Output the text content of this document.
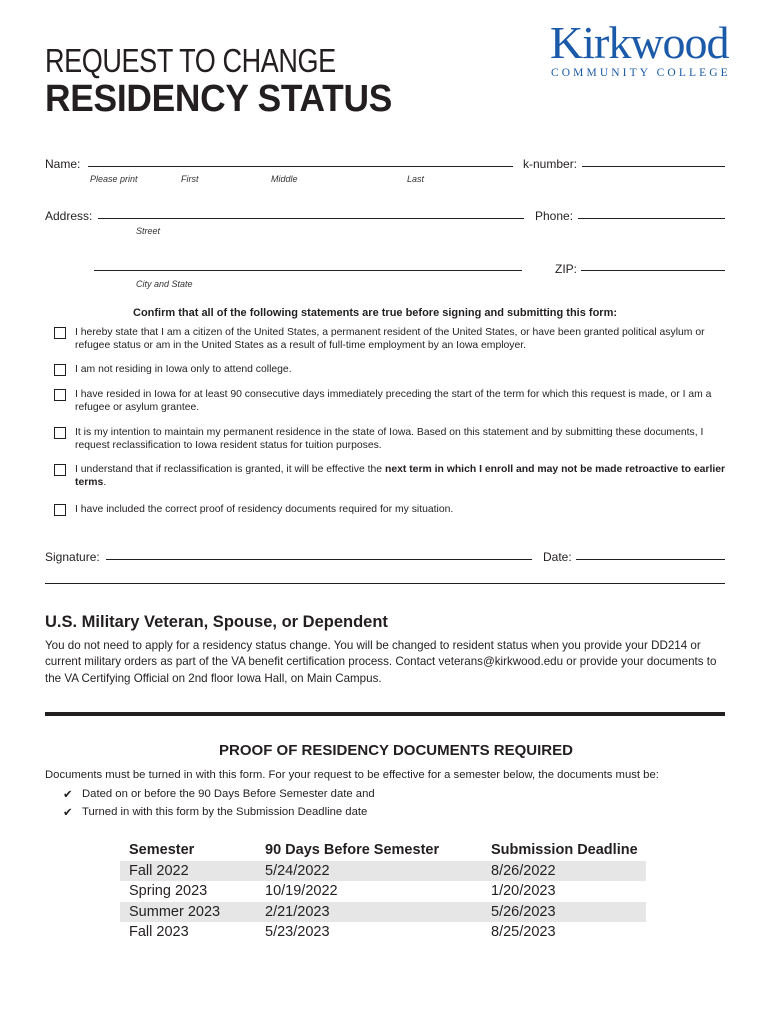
REQUEST TO CHANGE
RESIDENCY STATUS
Kirkwood
COMMUNITY COLLEGE
Name:
Please print	First	Middle	Last
k-number:
Address:
Street
Phone:
City and State
ZIP:
Confirm that all of the following statements are true before signing and submitting this form:
I hereby state that I am a citizen of the United States, a permanent resident of the United States, or have been granted political asylum or refugee status or am in the United States as a result of full-time employment by an Iowa employer.
I am not residing in Iowa only to attend college.
I have resided in Iowa for at least 90 consecutive days immediately preceding the start of the term for which this request is made, or I am a refugee or asylum grantee.
It is my intention to maintain my permanent residence in the state of Iowa. Based on this statement and by submitting these documents, I request reclassification to Iowa resident status for tuition purposes.
I understand that if reclassification is granted, it will be effective the next term in which I enroll and may not be made retroactive to earlier terms.
I have included the correct proof of residency documents required for my situation.
Signature:	Date:
U.S. Military Veteran, Spouse, or Dependent
You do not need to apply for a residency status change. You will be changed to resident status when you provide your DD214 or current military orders as part of the VA benefit certification process. Contact veterans@kirkwood.edu or provide your documents to the VA Certifying Official on 2nd floor Iowa Hall, on Main Campus.
PROOF OF RESIDENCY DOCUMENTS REQUIRED
Documents must be turned in with this form. For your request to be effective for a semester below, the documents must be:
✔ Dated on or before the 90 Days Before Semester date and
✔ Turned in with this form by the Submission Deadline date
Semester	90 Days Before Semester	Submission Deadline
Fall 2022	5/24/2022	8/26/2022
Spring 2023	10/19/2022	1/20/2023
Summer 2023	2/21/2023	5/26/2023
Fall 2023	5/23/2023	8/25/2023
